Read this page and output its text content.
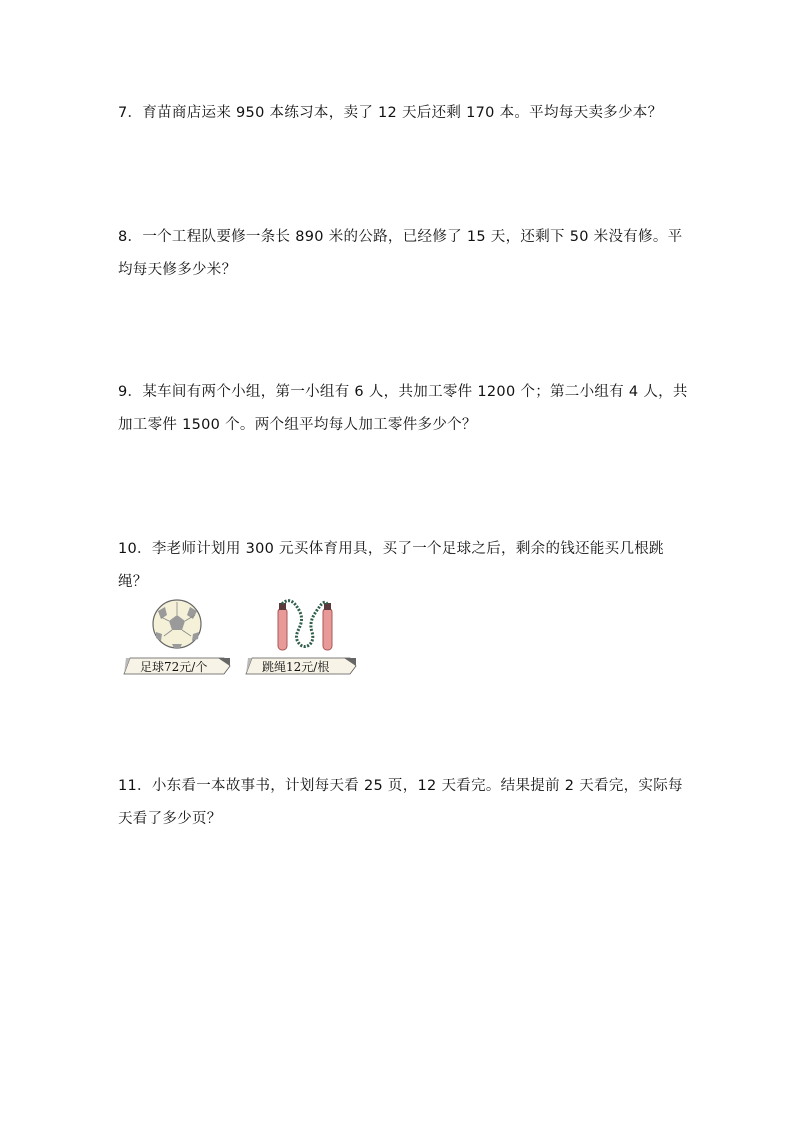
7．育苗商店运来 950 本练习本，卖了 12 天后还剩 170 本。平均每天卖多少本？
8．一个工程队要修一条长 890 米的公路，已经修了 15 天，还剩下 50 米没有修。平均每天修多少米？
9．某车间有两个小组，第一小组有 6 人，共加工零件 1200 个；第二小组有 4 人，共加工零件 1500 个。两个组平均每人加工零件多少个？
10．李老师计划用 300 元买体育用具，买了一个足球之后，剩余的钱还能买几根跳绳？
足球72元/个	跳绳12元/根
11．小东看一本故事书，计划每天看 25 页，12 天看完。结果提前 2 天看完，实际每天看了多少页？
